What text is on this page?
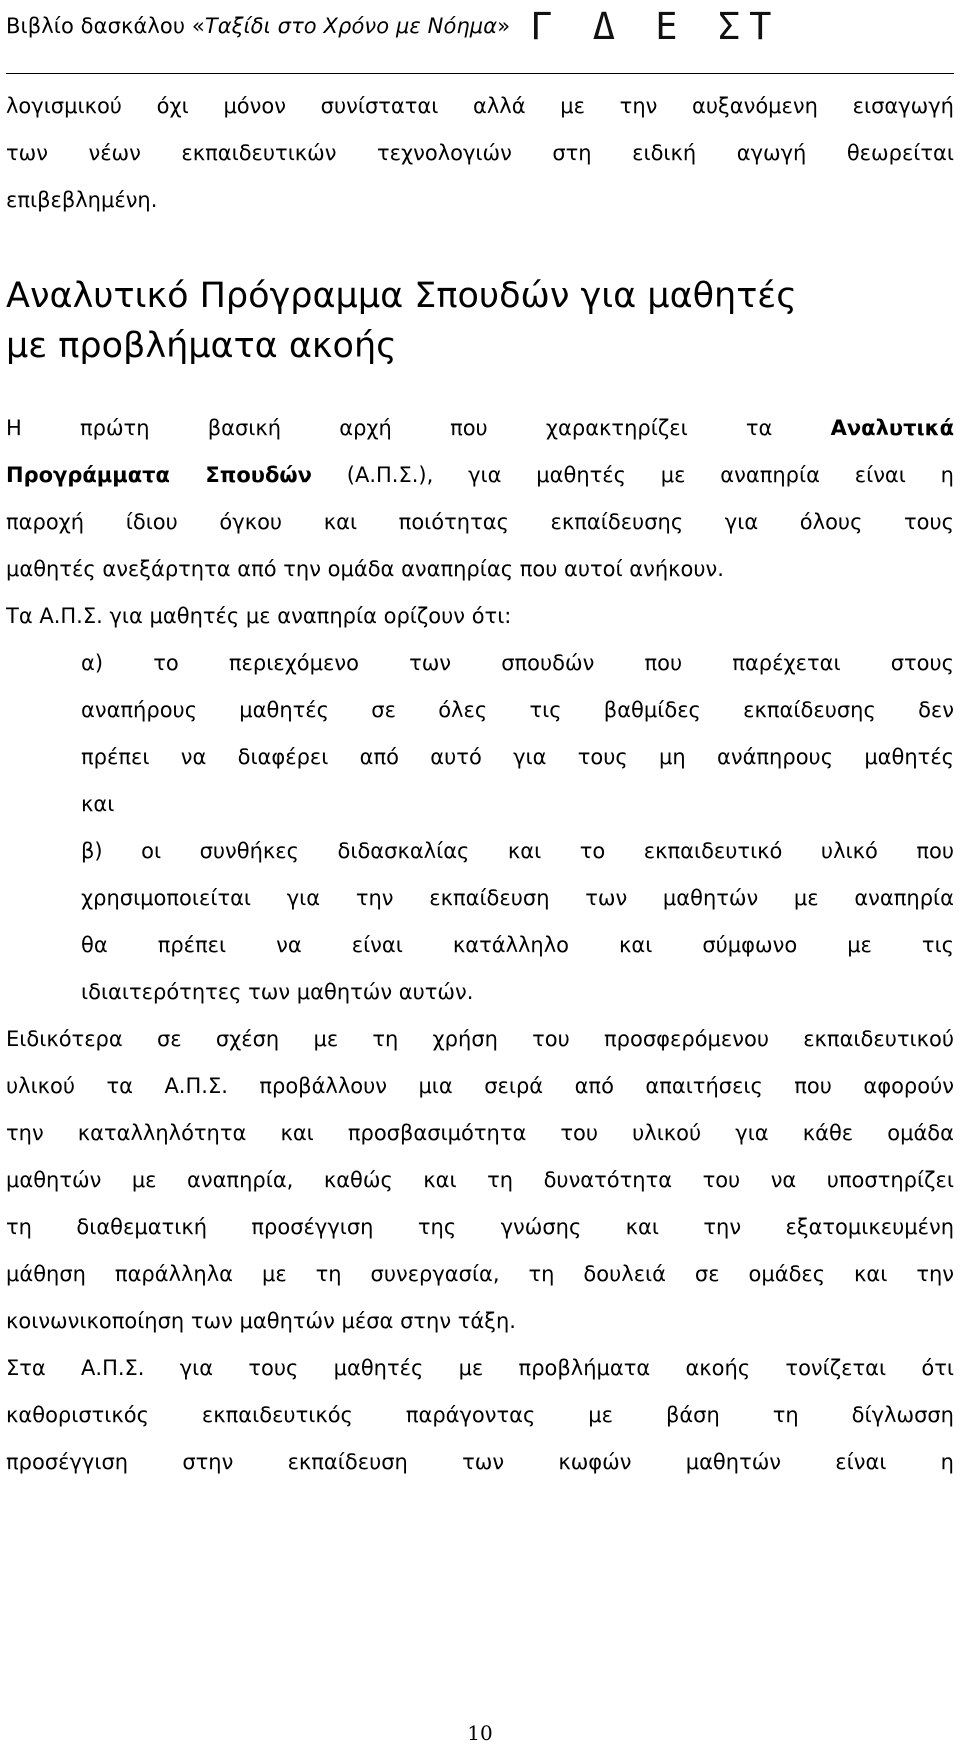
Βιβλίο δασκάλου «Ταξίδι στο Χρόνο με Νόημα» Γ Δ Ε ΣΤ
λογισμικού όχι μόνον συνίσταται αλλά με την αυξανόμενη εισαγωγή
των νέων εκπαιδευτικών τεχνολογιών στη ειδική αγωγή θεωρείται
επιβεβλημένη.
Αναλυτικό Πρόγραμμα Σπουδών για μαθητές
με προβλήματα ακοής
Η πρώτη βασική αρχή που χαρακτηρίζει τα Αναλυτικά
Προγράμματα Σπουδών (Α.Π.Σ.), για μαθητές με αναπηρία είναι η
παροχή ίδιου όγκου και ποιότητας εκπαίδευσης για όλους τους
μαθητές ανεξάρτητα από την ομάδα αναπηρίας που αυτοί ανήκουν.
Τα Α.Π.Σ. για μαθητές με αναπηρία ορίζουν ότι:
α) το περιεχόμενο των σπουδών που παρέχεται στους
αναπήρους μαθητές σε όλες τις βαθμίδες εκπαίδευσης δεν
πρέπει να διαφέρει από αυτό για τους μη ανάπηρους μαθητές
και
β) οι συνθήκες διδασκαλίας και το εκπαιδευτικό υλικό που
χρησιμοποιείται για την εκπαίδευση των μαθητών με αναπηρία
θα πρέπει να είναι κατάλληλο και σύμφωνο με τις
ιδιαιτερότητες των μαθητών αυτών.
Ειδικότερα σε σχέση με τη χρήση του προσφερόμενου εκπαιδευτικού
υλικού τα Α.Π.Σ. προβάλλουν μια σειρά από απαιτήσεις που αφορούν
την καταλληλότητα και προσβασιμότητα του υλικού για κάθε ομάδα
μαθητών με αναπηρία, καθώς και τη δυνατότητα του να υποστηρίζει
τη διαθεματική προσέγγιση της γνώσης και την εξατομικευμένη
μάθηση παράλληλα με τη συνεργασία, τη δουλειά σε ομάδες και την
κοινωνικοποίηση των μαθητών μέσα στην τάξη.
Στα Α.Π.Σ. για τους μαθητές με προβλήματα ακοής τονίζεται ότι
καθοριστικός εκπαιδευτικός παράγοντας με βάση τη δίγλωσση
προσέγγιση στην εκπαίδευση των κωφών μαθητών είναι η
10
